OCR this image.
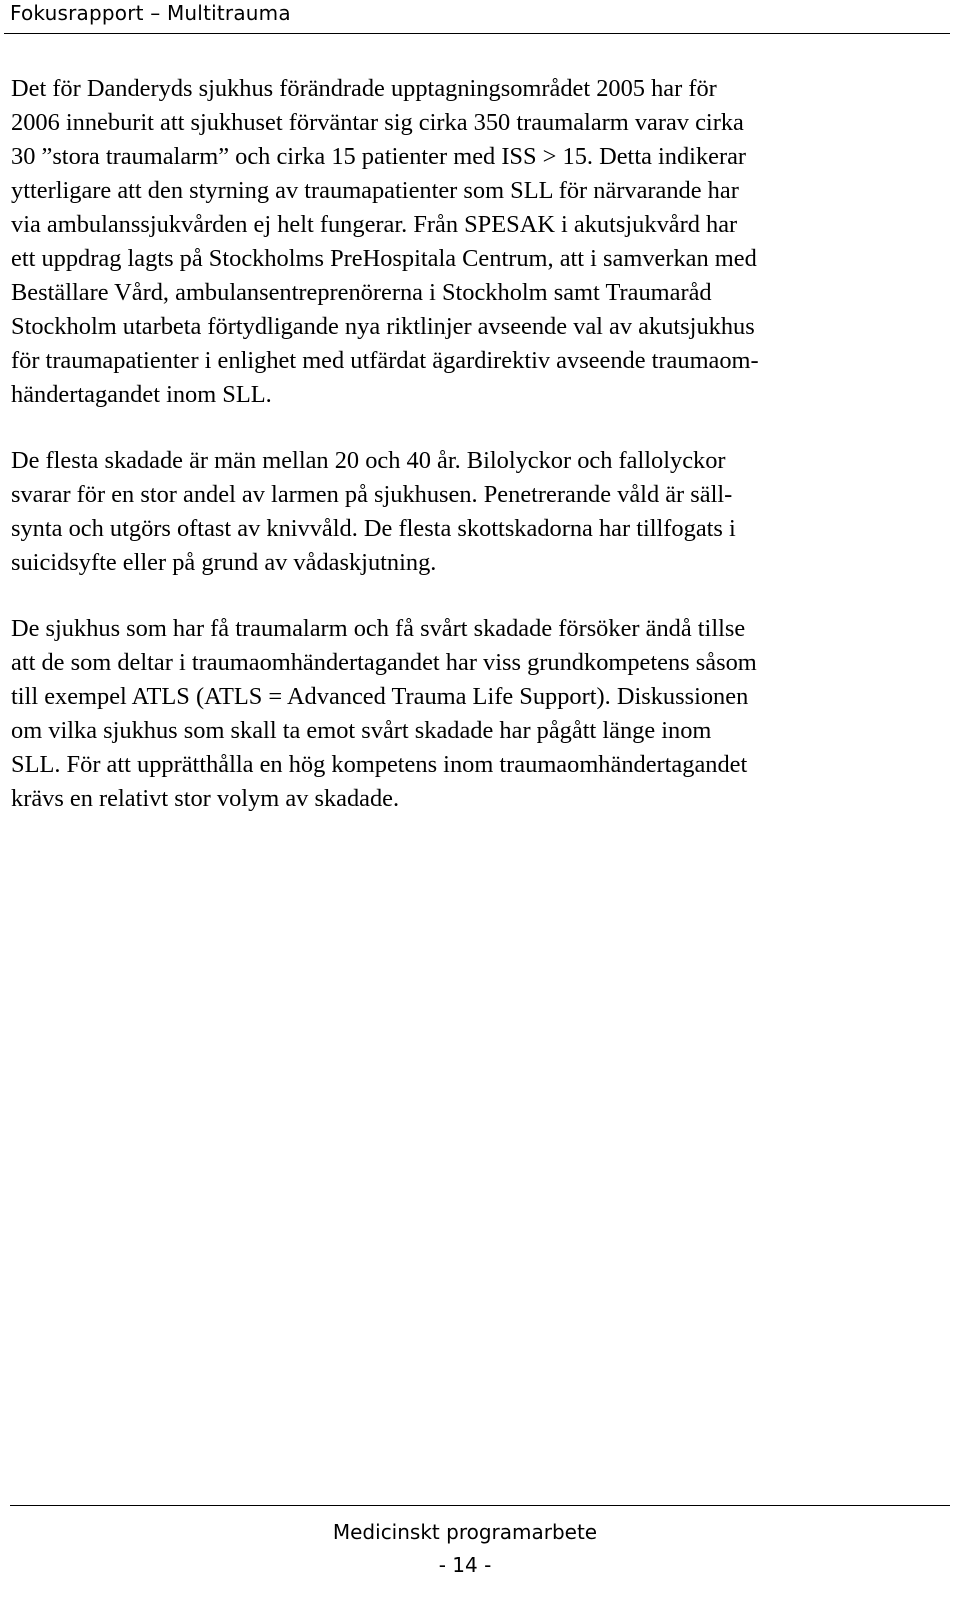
Fokusrapport – Multitrauma

Det för Danderyds sjukhus förändrade upptagningsområdet 2005 har för
2006 inneburit att sjukhuset förväntar sig cirka 350 traumalarm varav cirka
30 ”stora traumalarm” och cirka 15 patienter med ISS > 15. Detta indikerar
ytterligare att den styrning av traumapatienter som SLL för närvarande har
via ambulanssjukvården ej helt fungerar. Från SPESAK i akutsjukvård har
ett uppdrag lagts på Stockholms PreHospitala Centrum, att i samverkan med
Beställare Vård, ambulansentreprenörerna i Stockholm samt Traumaråd
Stockholm utarbeta förtydligande nya riktlinjer avseende val av akutsjukhus
för traumapatienter i enlighet med utfärdat ägardirektiv avseende traumaom-
händertagandet inom SLL.

De flesta skadade är män mellan 20 och 40 år. Bilolyckor och fallolyckor
svarar för en stor andel av larmen på sjukhusen. Penetrerande våld är säll-
synta och utgörs oftast av knivvåld. De flesta skottskadorna har tillfogats i
suicidsyfte eller på grund av vådaskjutning.

De sjukhus som har få traumalarm och få svårt skadade försöker ändå tillse
att de som deltar i traumaomhändertagandet har viss grundkompetens såsom
till exempel ATLS (ATLS = Advanced Trauma Life Support). Diskussionen
om vilka sjukhus som skall ta emot svårt skadade har pågått länge inom
SLL. För att upprätthålla en hög kompetens inom traumaomhändertagandet
krävs en relativt stor volym av skadade.

Medicinskt programarbete
- 14 -
